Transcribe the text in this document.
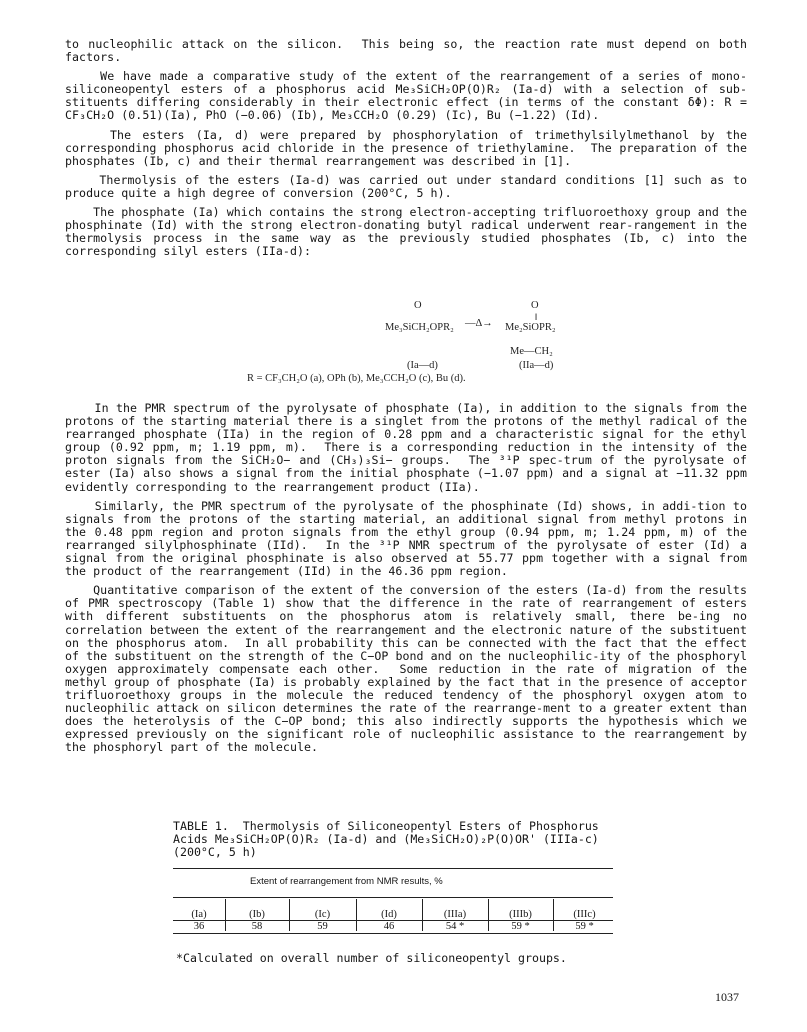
to nucleophilic attack on the silicon.  This being so, the reaction rate must depend on both factors.

We have made a comparative study of the extent of the rearrangement of a series of mono-siliconeopentyl esters of a phosphorus acid Me₃SiCH₂OP(O)R₂ (Ia-d) with a selection of sub-stituents differing considerably in their electronic effect (in terms of the constant δΦ): R = CF₃CH₂O (0.51)(Ia), PhO (−0.06) (Ib), Me₃CCH₂O (0.29) (Ic), Bu (−1.22) (Id).

The esters (Ia, d) were prepared by phosphorylation of trimethylsilylmethanol by the corresponding phosphorus acid chloride in the presence of triethylamine.  The preparation of the phosphates (Ib, c) and their thermal rearrangement was described in [1].

Thermolysis of the esters (Ia-d) was carried out under standard conditions [1] such as to produce quite a high degree of conversion (200°C, 5 h).

The phosphate (Ia) which contains the strong electron-accepting trifluoroethoxy group and the phosphinate (Id) with the strong electron-donating butyl radical underwent rear-rangement in the thermolysis process in the same way as the previously studied phosphates (Ib, c) into the corresponding silyl esters (IIa-d):

O	O
‖
Me₃SiCH₂OPR₂ —Δ→ Me₂SiOPR₂
Me—CH₂
(Ia—d)	(IIa—d)
R = CF₃CH₂O (a), OPh (b), Me₃CCH₂O (c), Bu (d).

In the PMR spectrum of the pyrolysate of phosphate (Ia), in addition to the signals from the protons of the starting material there is a singlet from the protons of the methyl radical of the rearranged phosphate (IIa) in the region of 0.28 ppm and a characteristic signal for the ethyl group (0.92 ppm, m; 1.19 ppm, m).  There is a corresponding reduction in the intensity of the proton signals from the SiCH₂O− and (CH₃)₃Si− groups.  The ³¹P spec-trum of the pyrolysate of ester (Ia) also shows a signal from the initial phosphate (−1.07 ppm) and a signal at −11.32 ppm evidently corresponding to the rearrangement product (IIa).

Similarly, the PMR spectrum of the pyrolysate of the phosphinate (Id) shows, in addi-tion to signals from the protons of the starting material, an additional signal from methyl protons in the 0.48 ppm region and proton signals from the ethyl group (0.94 ppm, m; 1.24 ppm, m) of the rearranged silylphosphinate (IId).  In the ³¹P NMR spectrum of the pyrolysate of ester (Id) a signal from the original phosphinate is also observed at 55.77 ppm together with a signal from the product of the rearrangement (IId) in the 46.36 ppm region.

Quantitative comparison of the extent of the conversion of the esters (Ia-d) from the results of PMR spectroscopy (Table 1) show that the difference in the rate of rearrangement of esters with different substituents on the phosphorus atom is relatively small, there be-ing no correlation between the extent of the rearrangement and the electronic nature of the substituent on the phosphorus atom.  In all probability this can be connected with the fact that the effect of the substituent on the strength of the C−OP bond and on the nucleophilic-ity of the phosphoryl oxygen approximately compensate each other.  Some reduction in the rate of migration of the methyl group of phosphate (Ia) is probably explained by the fact that in the presence of acceptor trifluoroethoxy groups in the molecule the reduced tendency of the phosphoryl oxygen atom to nucleophilic attack on silicon determines the rate of the rearrange-ment to a greater extent than does the heterolysis of the C−OP bond; this also indirectly supports the hypothesis which we expressed previously on the significant role of nucleophilic assistance to the rearrangement by the phosphoryl part of the molecule.

TABLE 1.  Thermolysis of Siliconeopentyl Esters of Phosphorus
Acids Me₃SiCH₂OP(O)R₂ (Ia-d) and (Me₃SiCH₂O)₂P(O)OR' (IIIa-c)
(200°C, 5 h)
Extent of rearrangement from NMR results, %
(Ia)	(Ib)	(Ic)	(Id)	(IIIa)	(IIIb)	(IIIc)
36	58	59	46	54 *	59 *	59 *
*Calculated on overall number of siliconeopentyl groups.
1037
